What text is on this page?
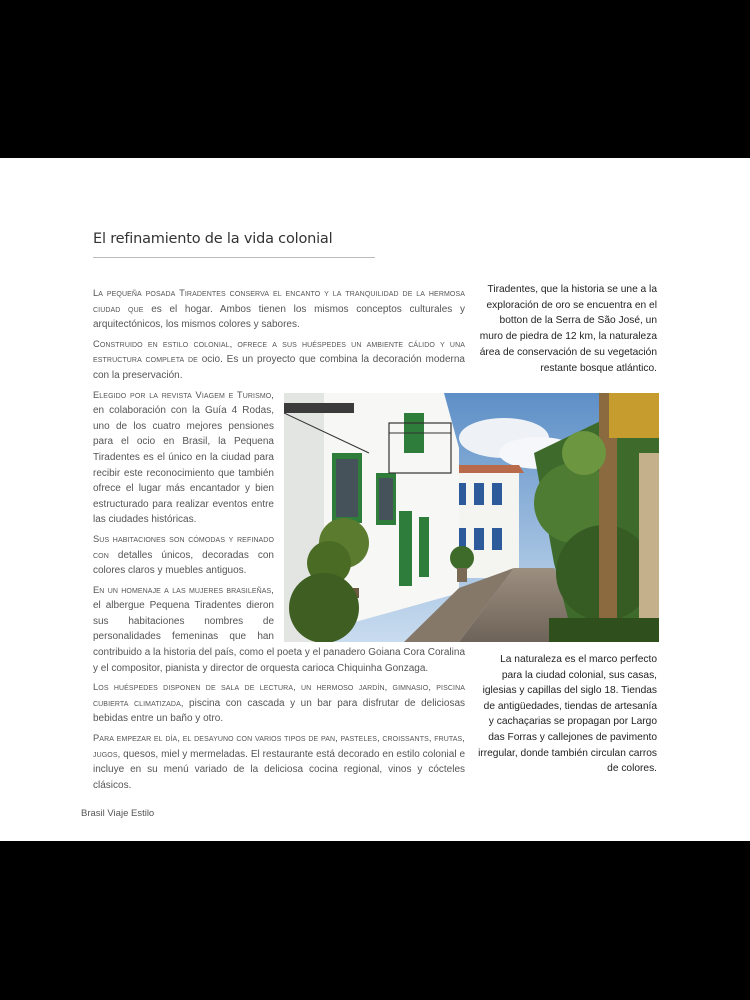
El refinamiento de la vida colonial

La pequeña posada Tiradentes conserva el encanto y la tranquilidad de la hermosa ciudad que es el hogar. Ambos tienen los mismos conceptos culturales y arquitectónicos, los mismos colores y sabores.

Construido en estilo colonial, ofrece a sus huéspedes un ambiente cálido y una estructura completa de ocio. Es un proyecto que combina la decoración moderna con la preservación.

Elegido por la revista Viagem e Turismo, en colaboración con la Guía 4 Rodas, uno de los cuatro mejores pensiones para el ocio en Brasil, la Pequena Tiradentes es el único en la ciudad para recibir este reconocimiento que también ofrece el lugar más encantador y bien estructurado para realizar eventos entre las ciudades históricas.

Sus habitaciones son cómodas y refinado con detalles únicos, decoradas con colores claros y muebles antiguos.

En un homenaje a las mujeres brasileñas, el albergue Pequena Tiradentes dieron sus habitaciones nombres de personalidades femeninas que han contribuido a la historia del país, como el poeta y el panadero Goiana Cora Coralina y el compositor, pianista y director de orquesta carioca Chiquinha Gonzaga.

Los huéspedes disponen de sala de lectura, un hermoso jardín, gimnasio, piscina cubierta climatizada, piscina con cascada y un bar para disfrutar de deliciosas bebidas entre un baño y otro.

Para empezar el día, el desayuno con varios tipos de pan, pasteles, croissants, frutas, jugos, quesos, miel y mermeladas. El restaurante está decorado en estilo colonial e incluye en su menú variado de la deliciosa cocina regional, vinos y cócteles clásicos.

Tiradentes, que la historia se une a la exploración de oro se encuentra en el botton de la Serra de São José, un muro de piedra de 12 km, la naturaleza área de conservación de su vegetación restante bosque atlántico.
La naturaleza es el marco perfecto para la ciudad colonial, sus casas, iglesias y capillas del siglo 18. Tiendas de antigüedades, tiendas de artesanía y cachaçarias se propagan por Largo das Forras y callejones de pavimento irregular, donde también circulan carros de colores.
Brasil Viaje Estilo
